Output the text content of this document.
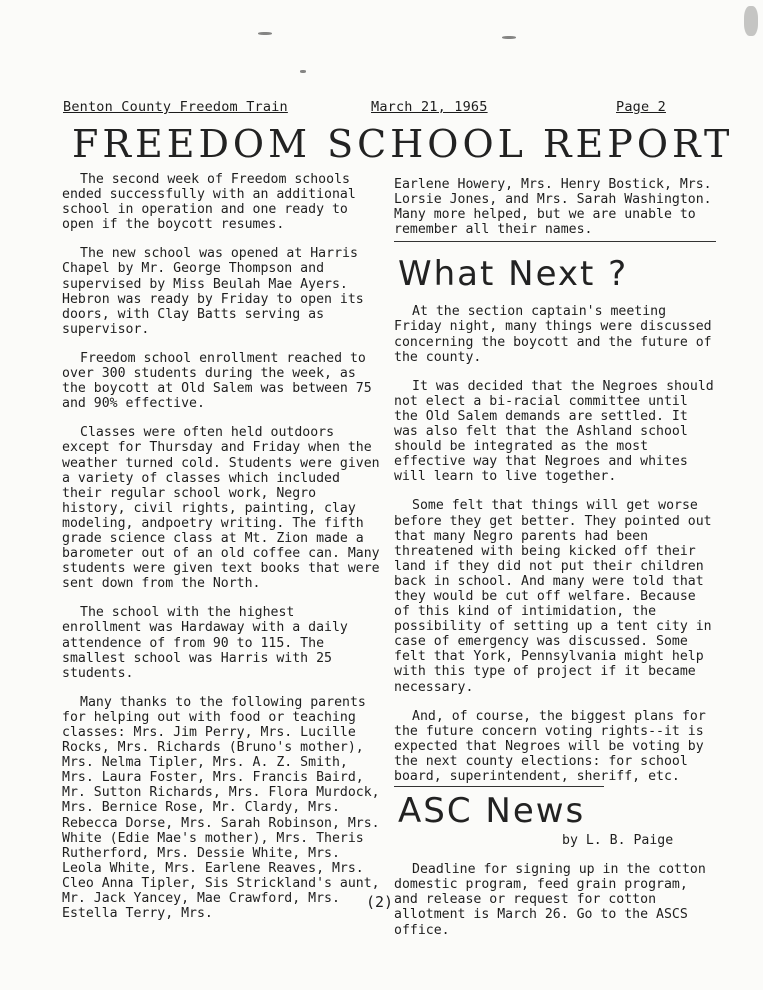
Benton County Freedom Train	March 21, 1965	Page 2
FREEDOM SCHOOL REPORT

The second week of Freedom schools ended successfully with an additional school in operation and one ready to open if the boycott resumes.

The new school was opened at Harris Chapel by Mr. George Thompson and supervised by Miss Beulah Mae Ayers. Hebron was ready by Friday to open its doors, with Clay Batts serving as supervisor.

Freedom school enrollment reached to over 300 students during the week, as the boycott at Old Salem was between 75 and 90% effective.

Classes were often held outdoors except for Thursday and Friday when the weather turned cold. Students were given a variety of classes which included their regular school work, Negro history, civil rights, painting, clay modeling, andpoetry writing. The fifth grade science class at Mt. Zion made a barometer out of an old coffee can. Many students were given text books that were sent down from the North.

The school with the highest enrollment was Hardaway with a daily attendence of from 90 to 115. The smallest school was Harris with 25 students.

Many thanks to the following parents for helping out with food or teaching classes: Mrs. Jim Perry, Mrs. Lucille Rocks, Mrs. Richards (Bruno's mother), Mrs. Nelma Tipler, Mrs. A. Z. Smith, Mrs. Laura Foster, Mrs. Francis Baird, Mr. Sutton Richards, Mrs. Flora Murdock, Mrs. Bernice Rose, Mr. Clardy, Mrs. Rebecca Dorse, Mrs. Sarah Robinson, Mrs. White (Edie Mae's mother), Mrs. Theris Rutherford, Mrs. Dessie White, Mrs. Leola White, Mrs. Earlene Reaves, Mrs. Cleo Anna Tipler, Sis Strickland's aunt, Mr. Jack Yancey, Mae Crawford, Mrs. Estella Terry, Mrs.

Earlene Howery, Mrs. Henry Bostick, Mrs. Lorsie Jones, and Mrs. Sarah Washington. Many more helped, but we are unable to remember all their names.

What Next ?

At the section captain's meeting Friday night, many things were discussed concerning the boycott and the future of the county.

It was decided that the Negroes should not elect a bi-racial committee until the Old Salem demands are settled. It was also felt that the Ashland school should be integrated as the most effective way that Negroes and whites will learn to live together.

Some felt that things will get worse before they get better. They pointed out that many Negro parents had been threatened with being kicked off their land if they did not put their children back in school. And many were told that they would be cut off welfare. Because of this kind of intimidation, the possibility of setting up a tent city in case of emergency was discussed. Some felt that York, Pennsylvania might help with this type of project if it became necessary.

And, of course, the biggest plans for the future concern voting rights--it is expected that Negroes will be voting by the next county elections: for school board, superintendent, sheriff, etc.

ASC News

by L. B. Paige

Deadline for signing up in the cotton domestic program, feed grain program, and release or request for cotton allotment is March 26. Go to the ASCS office.

(2)
